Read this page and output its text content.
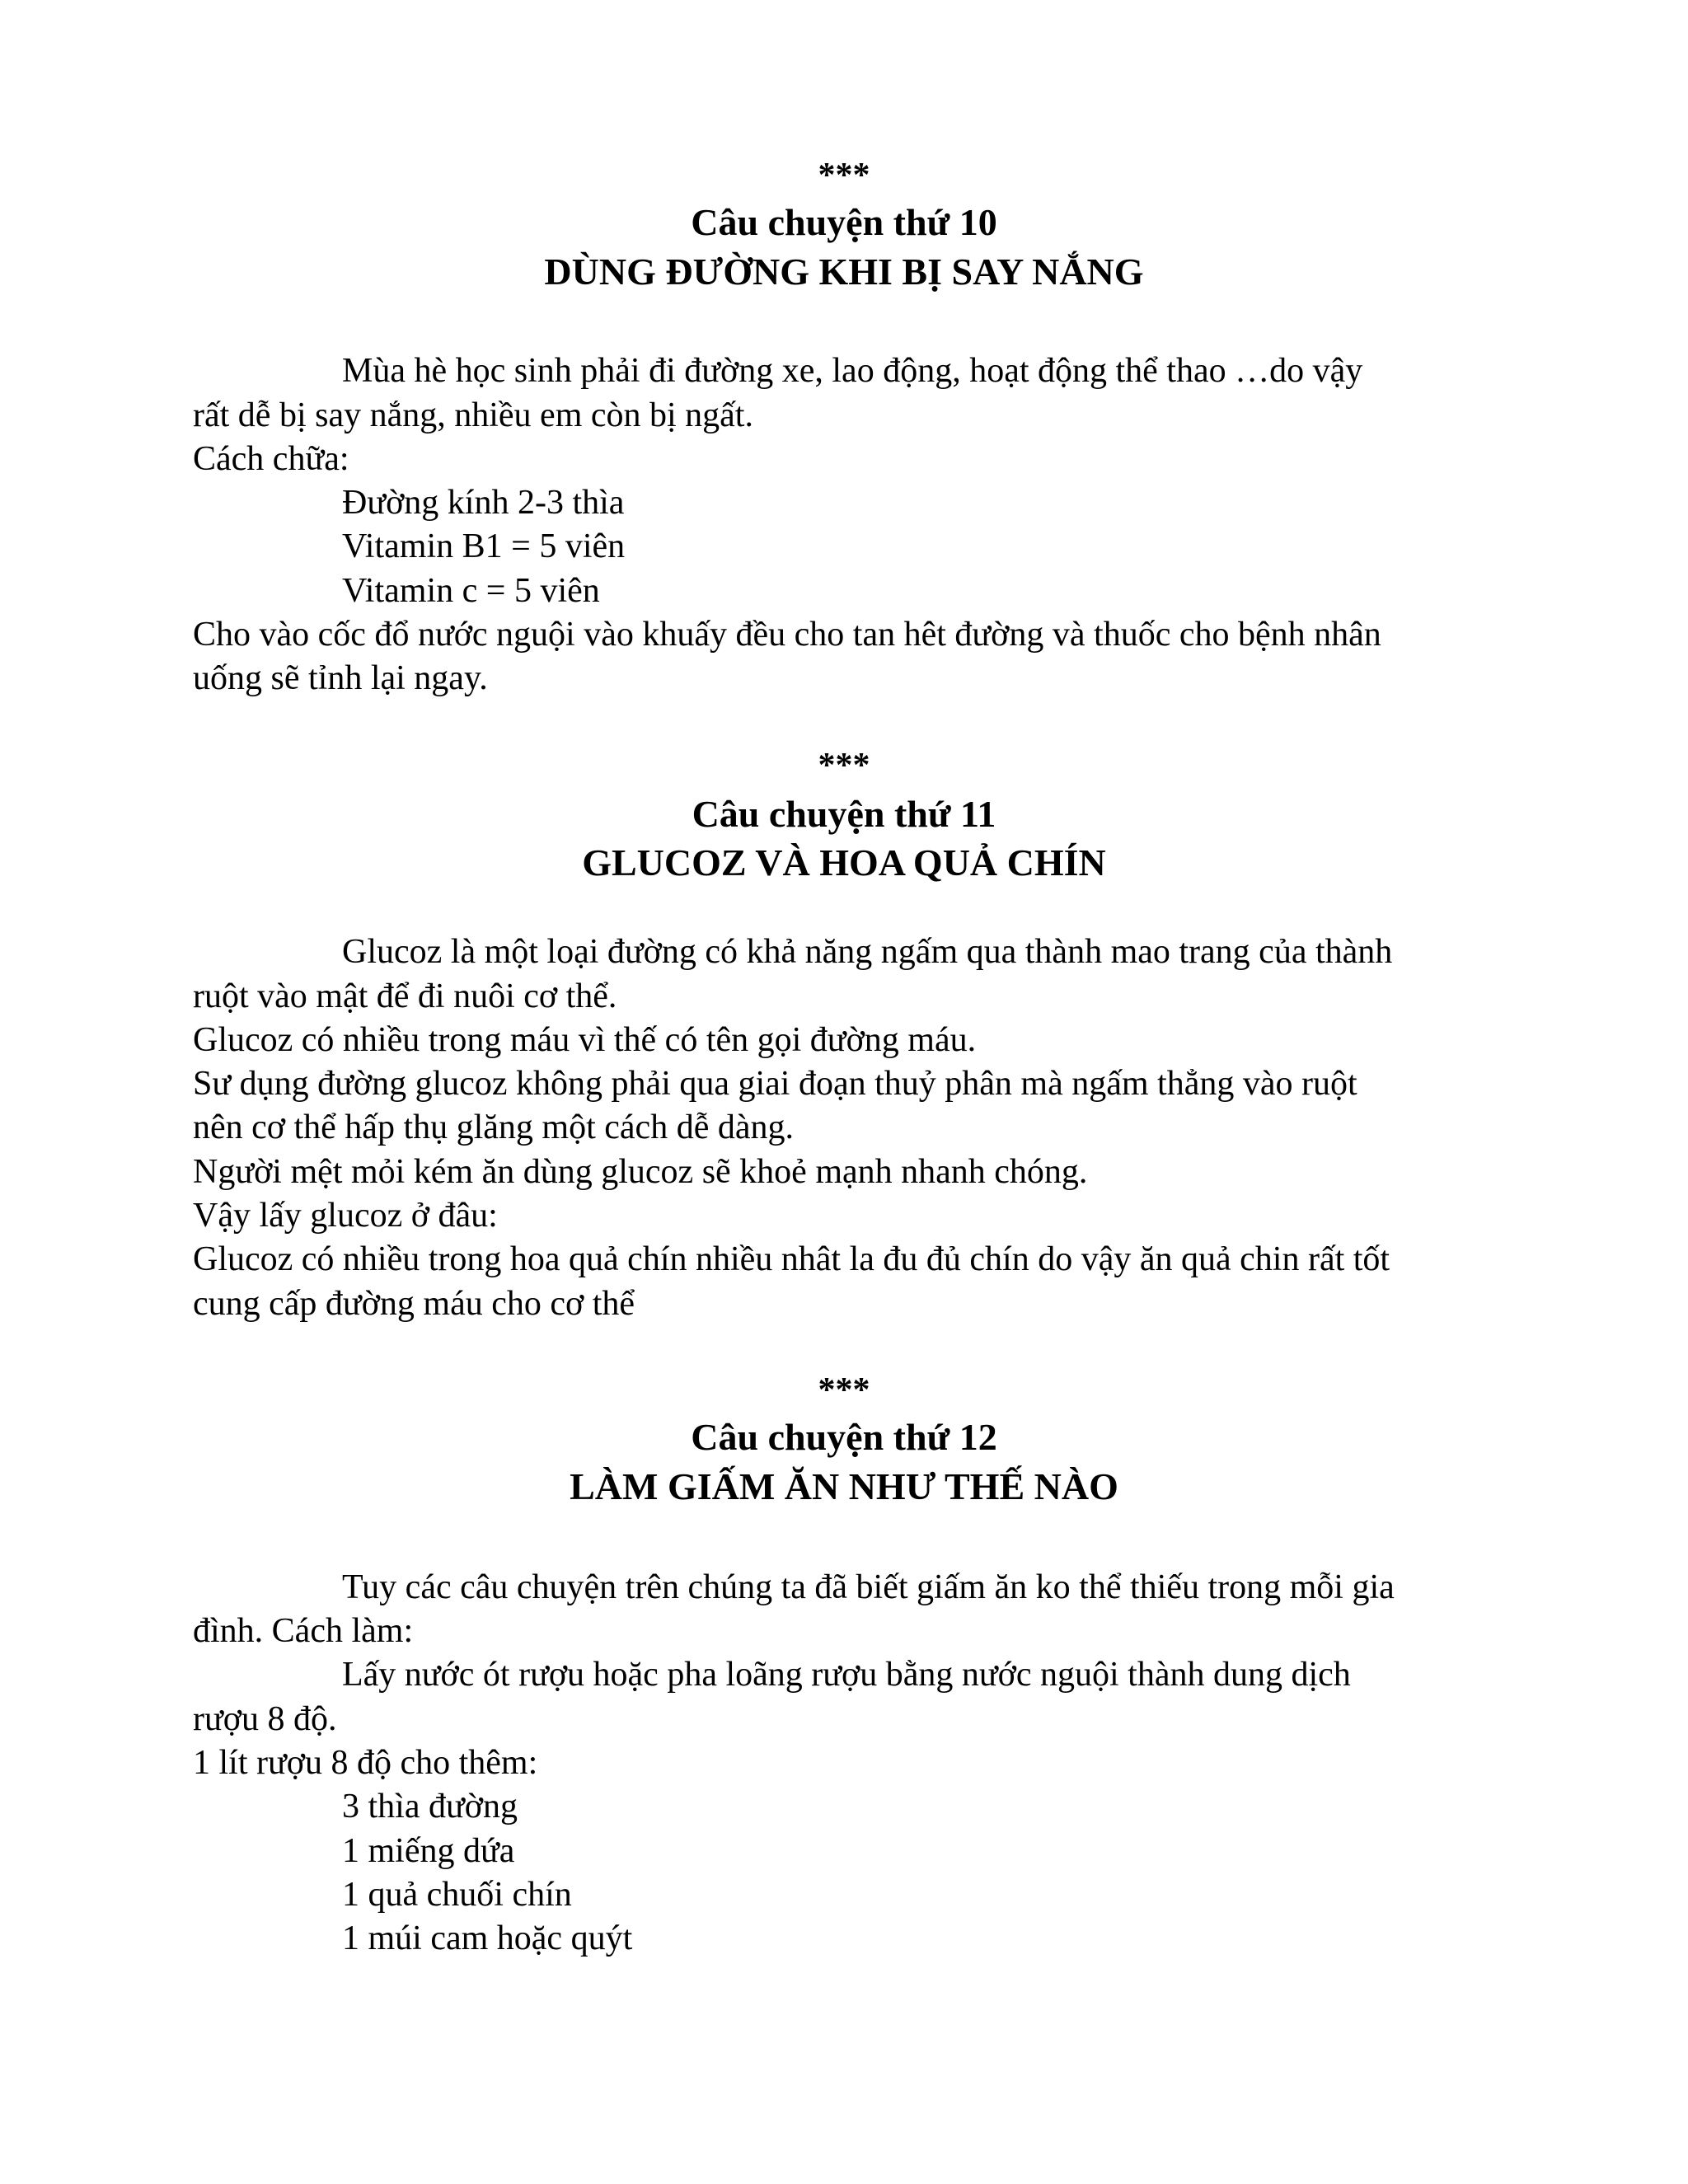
***
Câu chuyện thứ 10
DÙNG ĐƯỜNG KHI BỊ SAY NẮNG
Mùa hè học sinh phải đi đường xe, lao động, hoạt động thể thao …do vậy
rất dễ bị say nắng, nhiều em còn bị ngất.
Cách chữa:
Đường kính 2-3 thìa
Vitamin B1 = 5 viên
Vitamin c = 5 viên
Cho vào cốc đổ nước nguội vào khuấy đều cho tan hêt đường và thuốc cho bệnh nhân
uống sẽ tỉnh lại ngay.
***
Câu chuyện thứ 11
GLUCOZ VÀ HOA QUẢ CHÍN
Glucoz là một loại đường có khả năng ngấm qua thành mao trang của thành
ruột vào mật để đi nuôi cơ thể.
Glucoz có nhiều trong máu vì thế có tên gọi đường máu.
Sư dụng đường glucoz không phải qua giai đoạn thuỷ phân mà ngấm thẳng vào ruột
nên cơ thể hấp thụ glăng một cách dễ dàng.
Người mệt mỏi kém ăn dùng glucoz sẽ khoẻ mạnh nhanh chóng.
Vậy lấy glucoz ở đâu:
Glucoz có nhiều trong hoa quả chín nhiều nhât la đu đủ chín do vậy ăn quả chin rất tốt
cung cấp đường máu cho cơ thể
***
Câu chuyện thứ 12
LÀM GIẤM ĂN NHƯ THẾ NÀO
Tuy các câu chuyện trên chúng ta đã biết giấm ăn ko thể thiếu trong mỗi gia
đình. Cách làm:
Lấy nước ót rượu hoặc pha loãng rượu bằng nước nguội thành dung dịch
rượu 8 độ.
1 lít rượu 8 độ cho thêm:
3 thìa đường
1 miếng dứa
1 quả chuối chín
1 múi cam hoặc quýt
